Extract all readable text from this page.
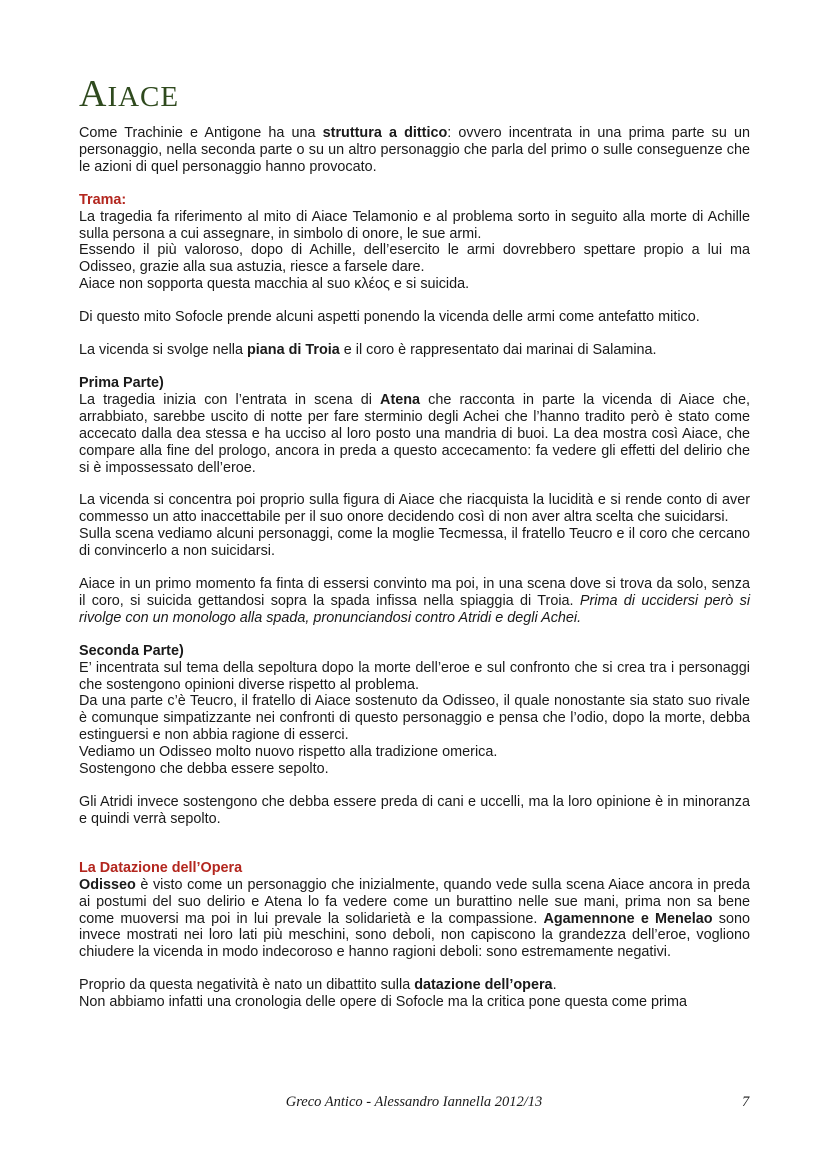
AIACE

Come Trachinie e Antigone ha una struttura a dittico: ovvero incentrata in una prima parte su un personaggio, nella seconda parte o su un altro personaggio che parla del primo o sulle conseguenze che le azioni di quel personaggio hanno provocato.

Trama:

La tragedia fa riferimento al mito di Aiace Telamonio e al problema sorto in seguito alla morte di Achille sulla persona a cui assegnare, in simbolo di onore, le sue armi.

Essendo il più valoroso, dopo di Achille, dell’esercito le armi dovrebbero spettare propio a lui ma Odisseo, grazie alla sua astuzia, riesce a farsele dare.

Aiace non sopporta questa macchia al suo κλέος e si suicida.

Di questo mito Sofocle prende alcuni aspetti ponendo la vicenda delle armi come antefatto mitico.

La vicenda si svolge nella piana di Troia e il coro è rappresentato dai marinai di Salamina.

Prima Parte)

La tragedia inizia con l’entrata in scena di Atena che racconta in parte la vicenda di Aiace che, arrabbiato, sarebbe uscito di notte per fare sterminio degli Achei che l’hanno tradito però è stato come accecato dalla dea stessa e ha ucciso al loro posto una mandria di buoi. La dea mostra così Aiace, che compare alla fine del prologo, ancora in preda a questo accecamento: fa vedere gli effetti del delirio che si è impossessato dell’eroe.

La vicenda si concentra poi proprio sulla figura di Aiace che riacquista la lucidità e si rende conto di aver commesso un atto inaccettabile per il suo onore decidendo così di non aver altra scelta che suicidarsi.

Sulla scena vediamo alcuni personaggi, come la moglie Tecmessa, il fratello Teucro e il coro che cercano di convincerlo a non suicidarsi.

Aiace in un primo momento fa finta di essersi convinto ma poi, in una scena dove si trova da solo, senza il coro, si suicida gettandosi sopra la spada infissa nella spiaggia di Troia. Prima di uccidersi però si rivolge con un monologo alla spada, pronunciandosi contro Atridi e degli Achei.

Seconda Parte)

E’ incentrata sul tema della sepoltura dopo la morte dell’eroe e sul confronto che si crea tra i personaggi che sostengono opinioni diverse rispetto al problema.

Da una parte c’è Teucro, il fratello di Aiace sostenuto da Odisseo, il quale nonostante sia stato suo rivale è comunque simpatizzante nei confronti di questo personaggio e pensa che l’odio, dopo la morte, debba estinguersi e non abbia ragione di esserci.

Vediamo un Odisseo molto nuovo rispetto alla tradizione omerica.

Sostengono che debba essere sepolto.

Gli Atridi invece sostengono che debba essere preda di cani e uccelli, ma la loro opinione è in minoranza e quindi verrà sepolto.

La Datazione dell’Opera

Odisseo è visto come un personaggio che inizialmente, quando vede sulla scena Aiace ancora in preda ai postumi del suo delirio e Atena lo fa vedere come un burattino nelle sue mani, prima non sa bene come muoversi ma poi in lui prevale la solidarietà e la compassione. Agamennone e Menelao sono invece mostrati nei loro lati più meschini, sono deboli, non capiscono la grandezza dell’eroe, vogliono chiudere la vicenda in modo indecoroso e hanno ragioni deboli: sono estremamente negativi.

Proprio da questa negatività è nato un dibattito sulla datazione dell’opera.

Non abbiamo infatti una cronologia delle opere di Sofocle ma la critica pone questa come prima

Greco Antico - Alessandro Iannella 2012/13	7
